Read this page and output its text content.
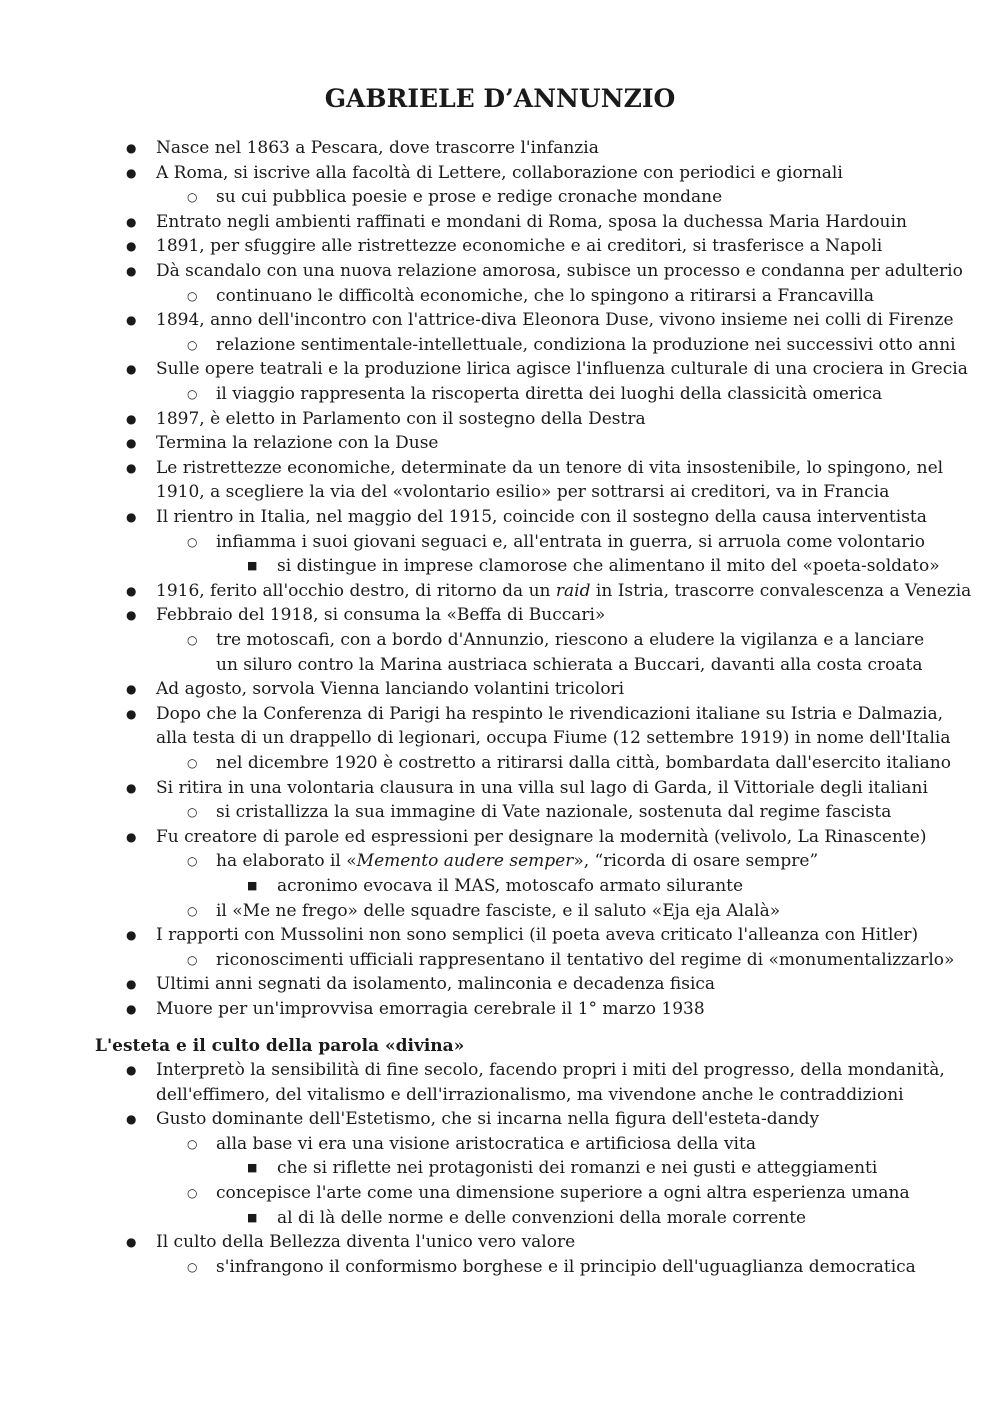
GABRIELE D’ANNUNZIO
● Nasce nel 1863 a Pescara, dove trascorre l'infanzia
● A Roma, si iscrive alla facoltà di Lettere, collaborazione con periodici e giornali
○ su cui pubblica poesie e prose e redige cronache mondane
● Entrato negli ambienti raffinati e mondani di Roma, sposa la duchessa Maria Hardouin
● 1891, per sfuggire alle ristrettezze economiche e ai creditori, si trasferisce a Napoli
● Dà scandalo con una nuova relazione amorosa, subisce un processo e condanna per adulterio
○ continuano le difficoltà economiche, che lo spingono a ritirarsi a Francavilla
● 1894, anno dell'incontro con l'attrice-diva Eleonora Duse, vivono insieme nei colli di Firenze
○ relazione sentimentale-intellettuale, condiziona la produzione nei successivi otto anni
● Sulle opere teatrali e la produzione lirica agisce l'influenza culturale di una crociera in Grecia
○ il viaggio rappresenta la riscoperta diretta dei luoghi della classicità omerica
● 1897, è eletto in Parlamento con il sostegno della Destra
● Termina la relazione con la Duse
● Le ristrettezze economiche, determinate da un tenore di vita insostenibile, lo spingono, nel
1910, a scegliere la via del «volontario esilio» per sottrarsi ai creditori, va in Francia
● Il rientro in Italia, nel maggio del 1915, coincide con il sostegno della causa interventista
○ infiamma i suoi giovani seguaci e, all'entrata in guerra, si arruola come volontario
■ si distingue in imprese clamorose che alimentano il mito del «poeta-soldato»
● 1916, ferito all'occhio destro, di ritorno da un raid in Istria, trascorre convalescenza a Venezia
● Febbraio del 1918, si consuma la «Beffa di Buccari»
○ tre motoscafi, con a bordo d'Annunzio, riescono a eludere la vigilanza e a lanciare
un siluro contro la Marina austriaca schierata a Buccari, davanti alla costa croata
● Ad agosto, sorvola Vienna lanciando volantini tricolori
● Dopo che la Conferenza di Parigi ha respinto le rivendicazioni italiane su Istria e Dalmazia,
alla testa di un drappello di legionari, occupa Fiume (12 settembre 1919) in nome dell'Italia
○ nel dicembre 1920 è costretto a ritirarsi dalla città, bombardata dall'esercito italiano
● Si ritira in una volontaria clausura in una villa sul lago di Garda, il Vittoriale degli italiani
○ si cristallizza la sua immagine di Vate nazionale, sostenuta dal regime fascista
● Fu creatore di parole ed espressioni per designare la modernità (velivolo, La Rinascente)
○ ha elaborato il «Memento audere semper», “ricorda di osare sempre”
■ acronimo evocava il MAS, motoscafo armato silurante
○ il «Me ne frego» delle squadre fasciste, e il saluto «Eja eja Alalà»
● I rapporti con Mussolini non sono semplici (il poeta aveva criticato l'alleanza con Hitler)
○ riconoscimenti ufficiali rappresentano il tentativo del regime di «monumentalizzarlo»
● Ultimi anni segnati da isolamento, malinconia e decadenza fisica
● Muore per un'improvvisa emorragia cerebrale il 1° marzo 1938
L'esteta e il culto della parola «divina»
● Interpretò la sensibilità di fine secolo, facendo propri i miti del progresso, della mondanità,
dell'effimero, del vitalismo e dell'irrazionalismo, ma vivendone anche le contraddizioni
● Gusto dominante dell'Estetismo, che si incarna nella figura dell'esteta-dandy
○ alla base vi era una visione aristocratica e artificiosa della vita
■ che si riflette nei protagonisti dei romanzi e nei gusti e atteggiamenti
○ concepisce l'arte come una dimensione superiore a ogni altra esperienza umana
■ al di là delle norme e delle convenzioni della morale corrente
● Il culto della Bellezza diventa l'unico vero valore
○ s'infrangono il conformismo borghese e il principio dell'uguaglianza democratica
